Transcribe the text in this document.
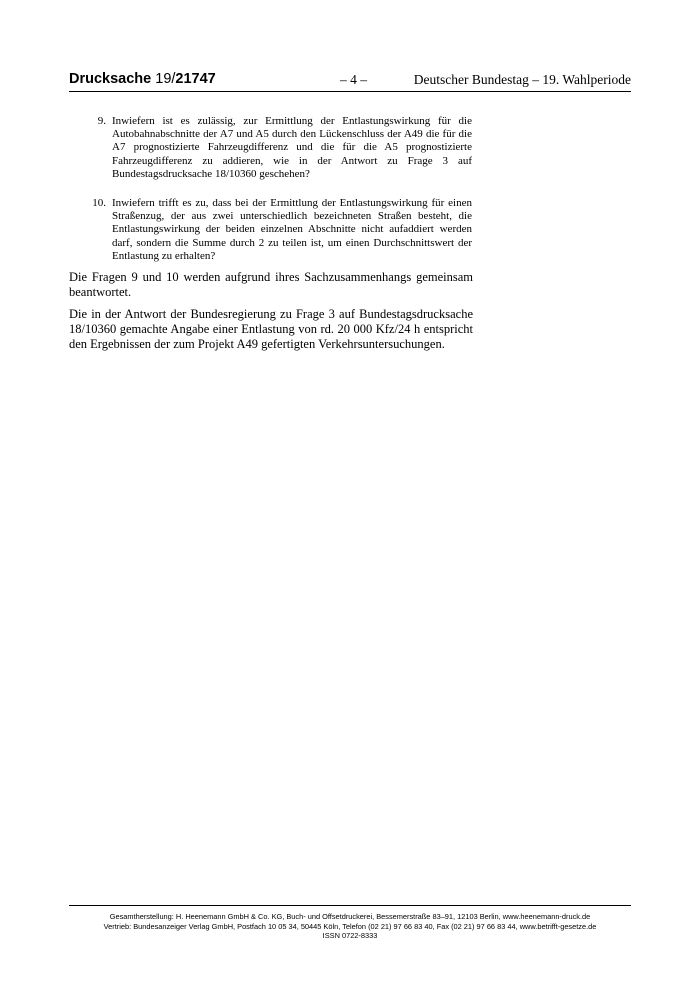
Drucksache 19/21747	– 4 –	Deutscher Bundestag – 19. Wahlperiode
9. Inwiefern ist es zulässig, zur Ermittlung der Entlastungswirkung für die Autobahnabschnitte der A7 und A5 durch den Lückenschluss der A49 die für die A7 prognostizierte Fahrzeugdifferenz und die für die A5 prognostizierte Fahrzeugdifferenz zu addieren, wie in der Antwort zu Frage 3 auf Bundestagsdrucksache 18/10360 geschehen?
10. Inwiefern trifft es zu, dass bei der Ermittlung der Entlastungswirkung für einen Straßenzug, der aus zwei unterschiedlich bezeichneten Straßen besteht, die Entlastungswirkung der beiden einzelnen Abschnitte nicht aufaddiert werden darf, sondern die Summe durch 2 zu teilen ist, um einen Durchschnittswert der Entlastung zu erhalten?

Die Fragen 9 und 10 werden aufgrund ihres Sachzusammenhangs gemeinsam beantwortet.

Die in der Antwort der Bundesregierung zu Frage 3 auf Bundestagsdrucksache 18/10360 gemachte Angabe einer Entlastung von rd. 20 000 Kfz/24 h entspricht den Ergebnissen der zum Projekt A49 gefertigten Verkehrsuntersuchungen.

Gesamtherstellung: H. Heenemann GmbH & Co. KG, Buch- und Offsetdruckerei, Bessemerstraße 83–91, 12103 Berlin, www.heenemann-druck.de
Vertrieb: Bundesanzeiger Verlag GmbH, Postfach 10 05 34, 50445 Köln, Telefon (02 21) 97 66 83 40, Fax (02 21) 97 66 83 44, www.betrifft-gesetze.de
ISSN 0722-8333
